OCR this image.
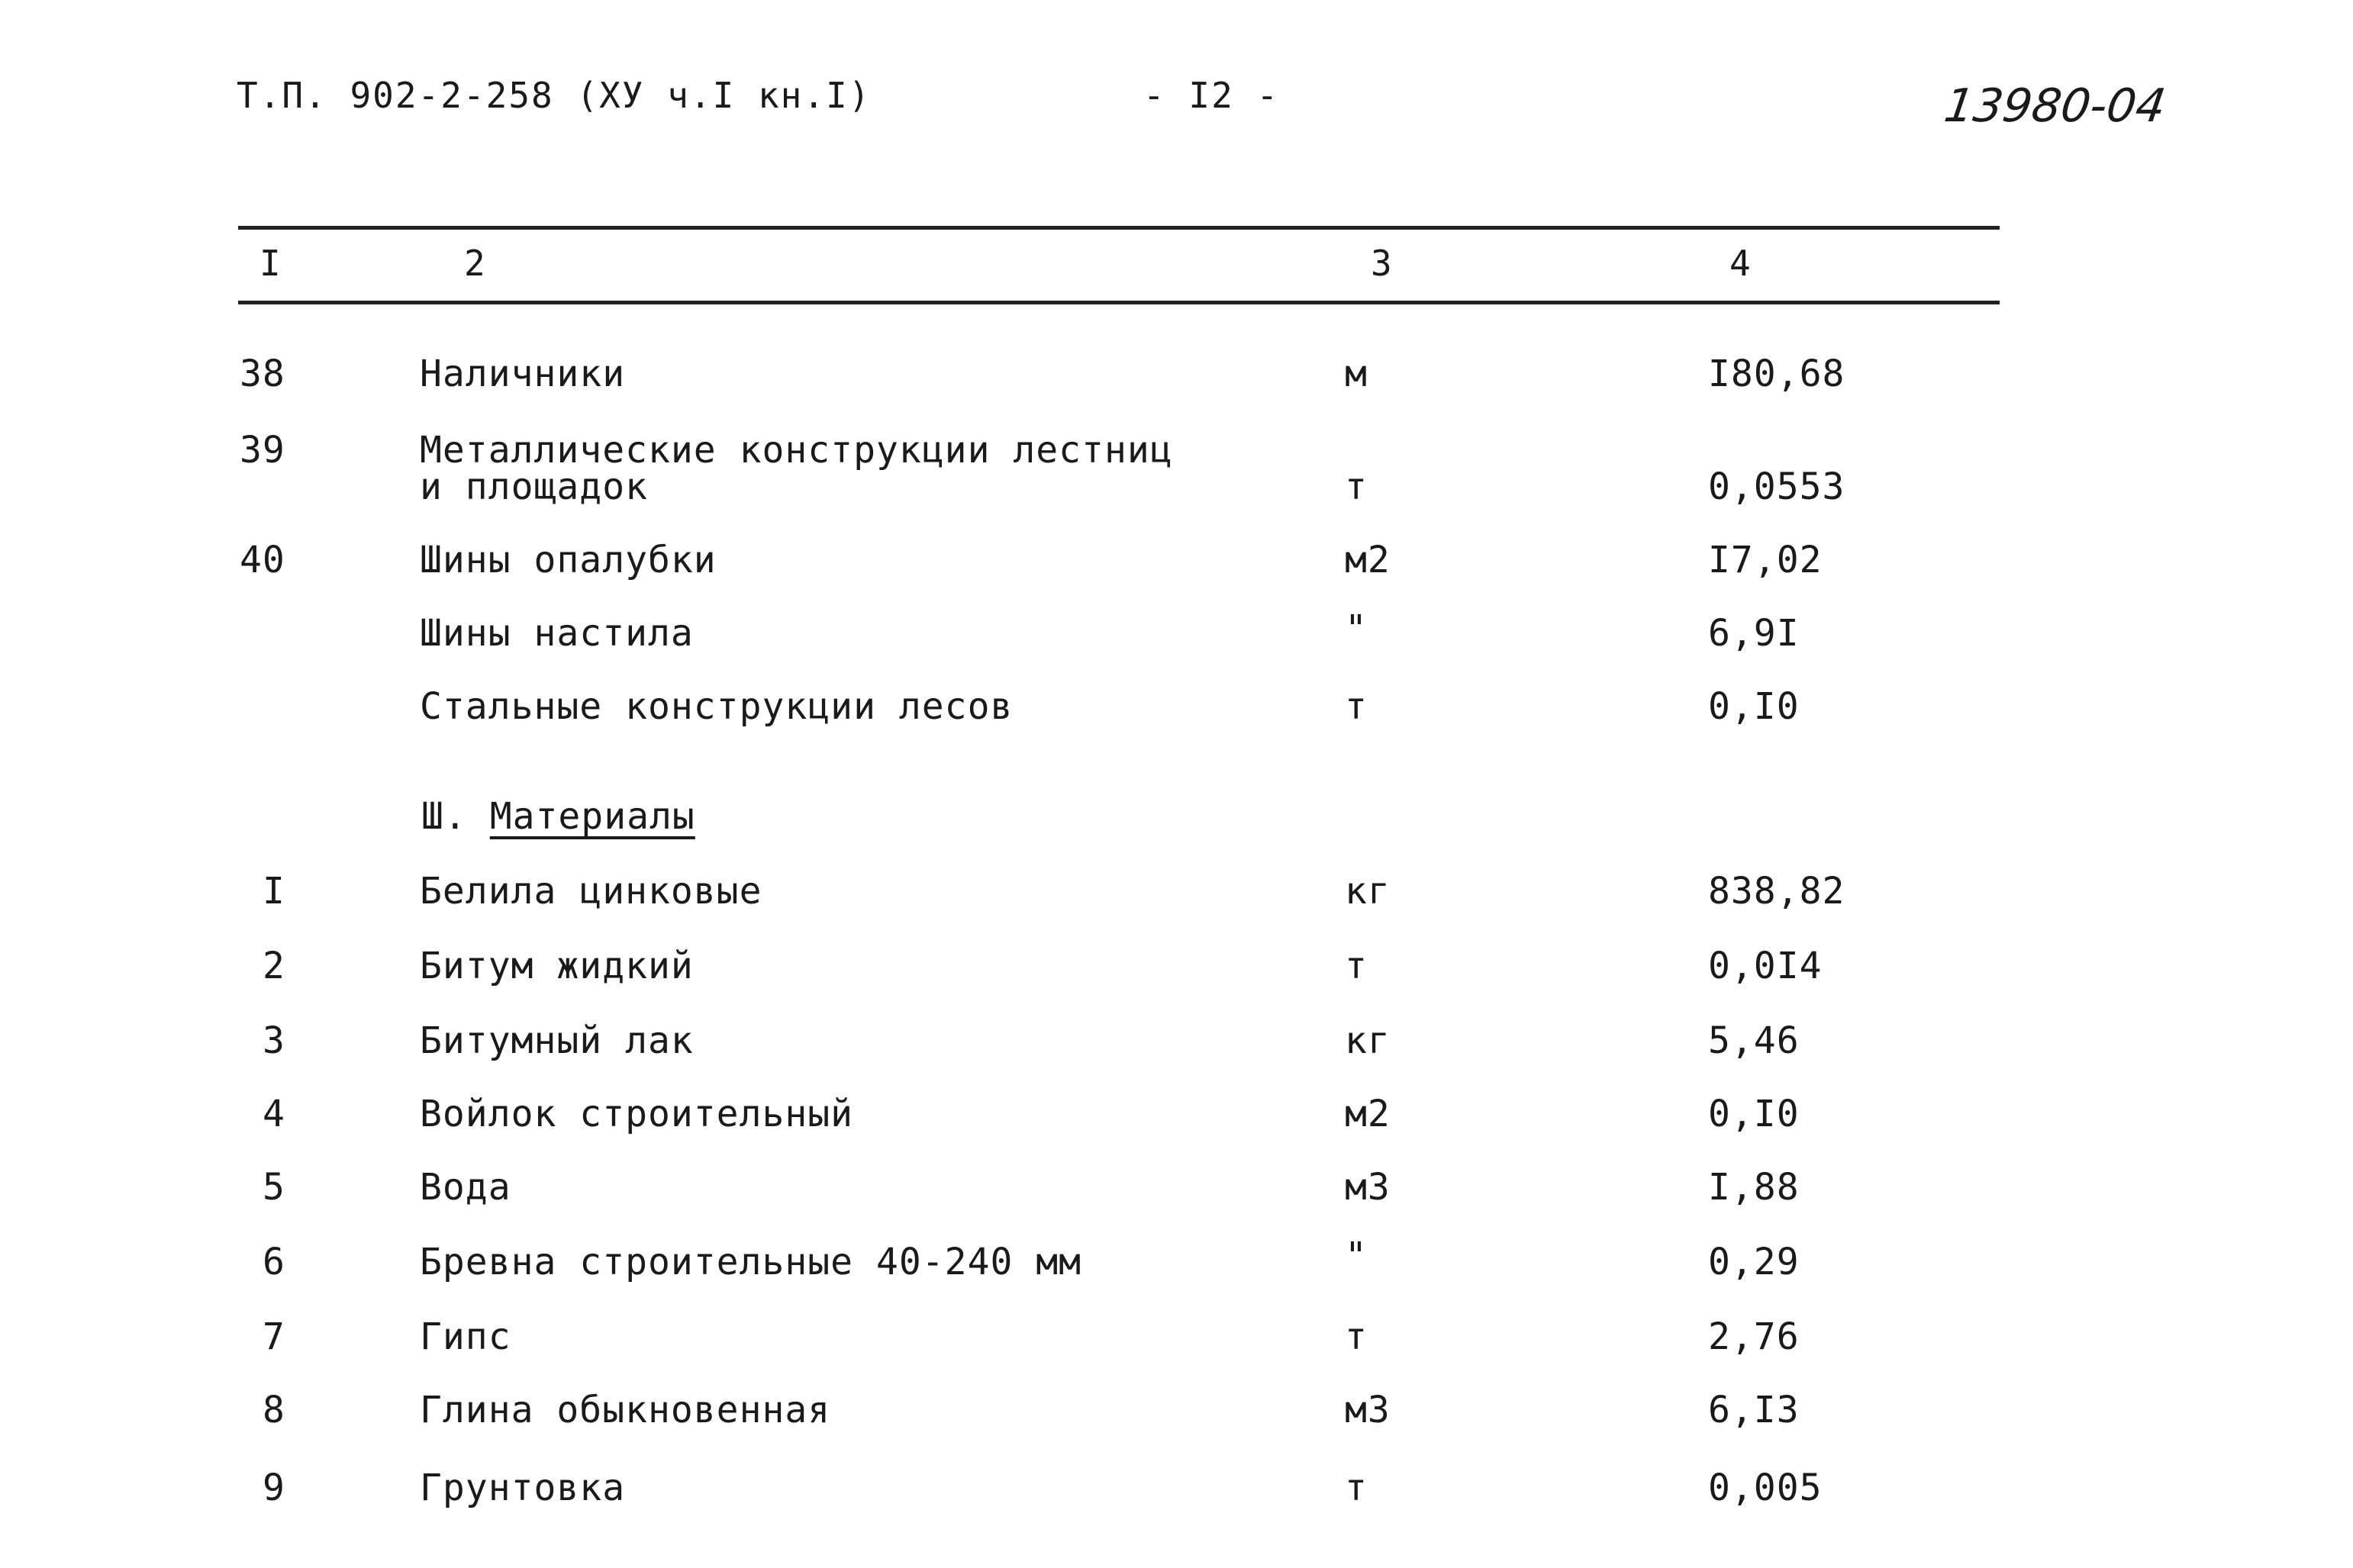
Т.П. 902-2-258 (ХУ ч.I кн.I)	- I2 -	13980-04
I	2	3	4
38	Наличники	м	I80,68
39	Металлические конструкции лестниц
и площадок	т	0,0553
40	Шины опалубки	м2	I7,02
Шины настила	"	6,9I
Стальные конструкции лесов	т	0,I0
Ш. Материалы
I	Белила цинковые	кг	838,82
2	Битум жидкий	т	0,0I4
3	Битумный лак	кг	5,46
4	Войлок строительный	м2	0,I0
5	Вода	м3	I,88
6	Бревна строительные 40-240 мм	"	0,29
7	Гипс	т	2,76
8	Глина обыкновенная	м3	6,I3
9	Грунтовка	т	0,005
